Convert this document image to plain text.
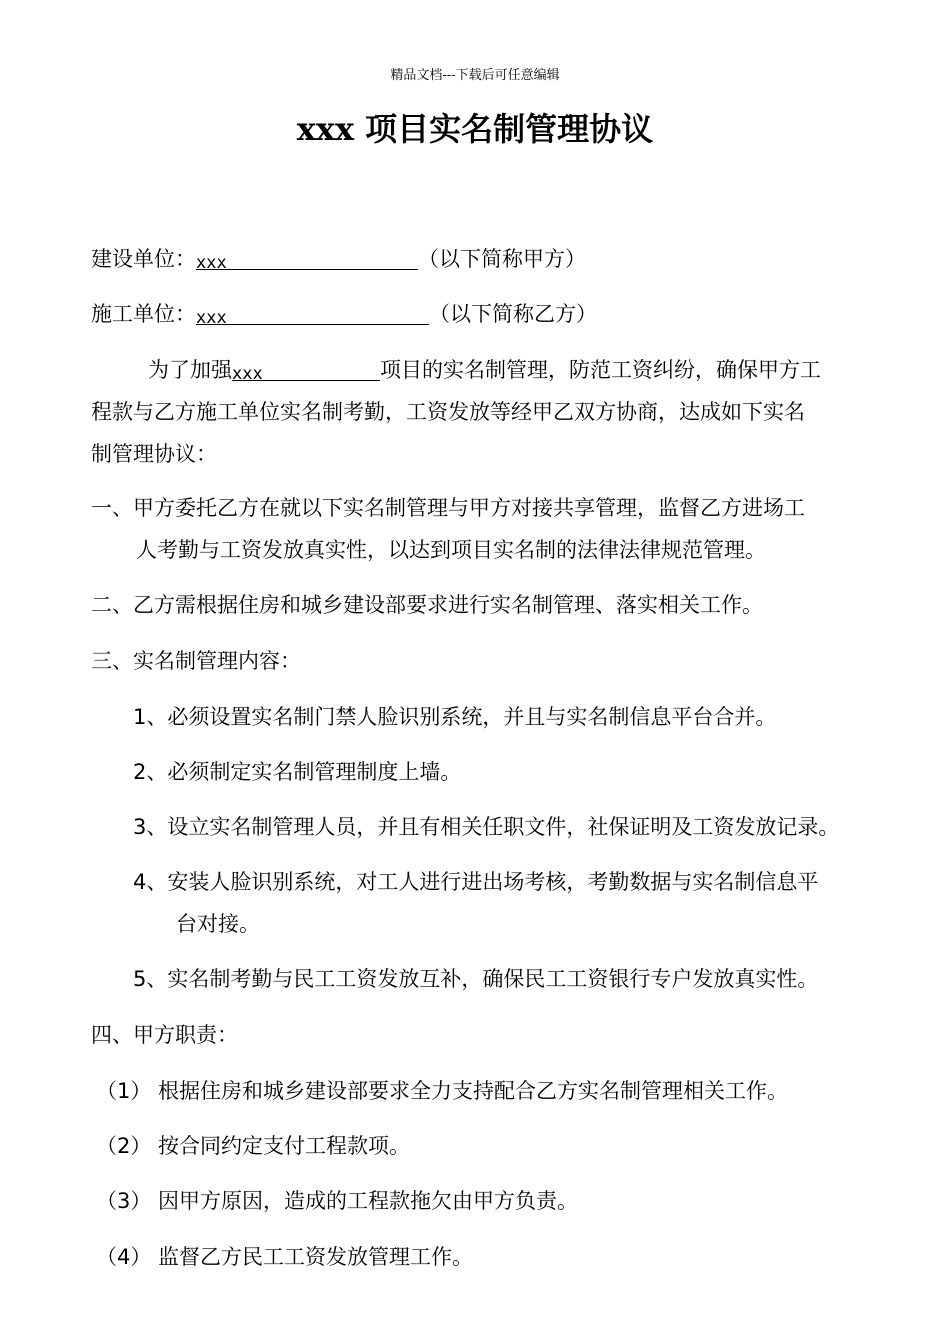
精品文档---下载后可任意编辑
xxx 项目实名制管理协议
建设单位：xxx	（以下简称甲方）
施工单位：xxx	（以下简称乙方）
为了加强xxx	项目的实名制管理，防范工资纠纷，确保甲方工
程款与乙方施工单位实名制考勤，工资发放等经甲乙双方协商，达成如下实名
制管理协议：
一、甲方委托乙方在就以下实名制管理与甲方对接共享管理，监督乙方进场工
人考勤与工资发放真实性，以达到项目实名制的法律法律规范管理。
二、乙方需根据住房和城乡建设部要求进行实名制管理、落实相关工作。
三、实名制管理内容：
1、必须设置实名制门禁人脸识别系统，并且与实名制信息平台合并。
2、必须制定实名制管理制度上墙。
3、设立实名制管理人员，并且有相关任职文件，社保证明及工资发放记录。
4、安装人脸识别系统，对工人进行进出场考核，考勤数据与实名制信息平
台对接。
5、实名制考勤与民工工资发放互补，确保民工工资银行专户发放真实性。
四、甲方职责：
（1） 根据住房和城乡建设部要求全力支持配合乙方实名制管理相关工作。
（2） 按合同约定支付工程款项。
（3） 因甲方原因，造成的工程款拖欠由甲方负责。
（4） 监督乙方民工工资发放管理工作。
